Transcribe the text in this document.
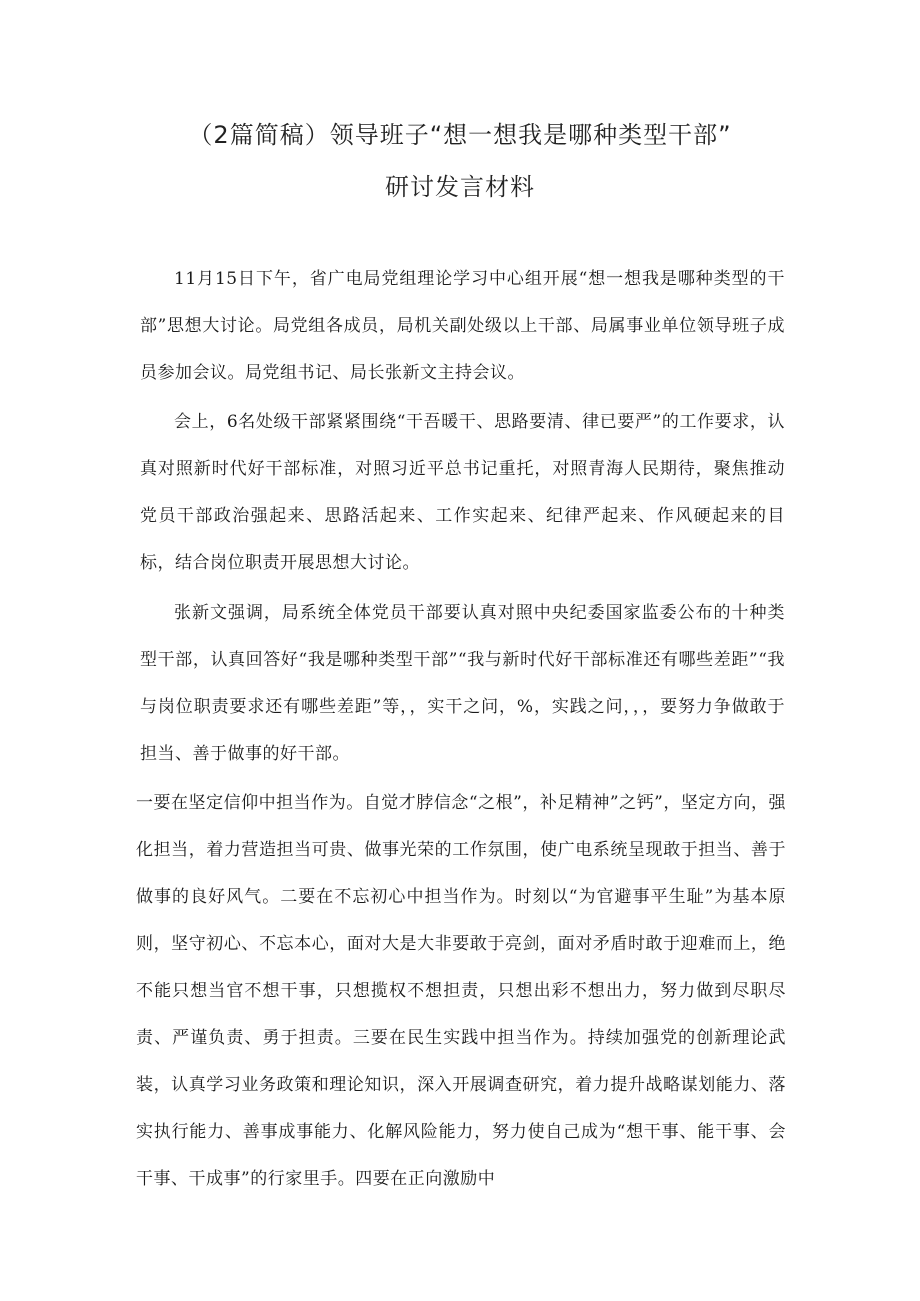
（2篇简稿）领导班子“想一想我是哪种类型干部”
研讨发言材料
11月15日下午，省广电局党组理论学习中心组开展“想一想我是哪种类型的干部”思想大讨论。局党组各成员，局机关副处级以上干部、局属事业单位领导班子成员参加会议。局党组书记、局长张新文主持会议。
会上，6名处级干部紧紧围绕“干吾暖干、思路要清、律已要严”的工作要求，认真对照新时代好干部标准，对照习近平总书记重托，对照青海人民期待，聚焦推动党员干部政治强起来、思路活起来、工作实起来、纪律严起来、作风硬起来的目标，结合岗位职责开展思想大讨论。
张新文强调，局系统全体党员干部要认真对照中央纪委国家监委公布的十种类型干部，认真回答好“我是哪种类型干部”“我与新时代好干部标准还有哪些差距”“我与岗位职责要求还有哪些差距”等，，实干之问，%，实践之问，，，要努力争做敢于担当、善于做事的好干部。
一要在坚定信仰中担当作为。自觉才脖信念“之根”，补足精神”之钙”，坚定方向，强化担当，着力营造担当可贵、做事光荣的工作氛围，使广电系统呈现敢于担当、善于做事的良好风气。二要在不忘初心中担当作为。时刻以“为官避事平生耻”为基本原则，坚守初心、不忘本心，面对大是大非要敢于亮剑，面对矛盾时敢于迎难而上，绝不能只想当官不想干事，只想揽权不想担责，只想出彩不想出力，努力做到尽职尽责、严谨负责、勇于担责。三要在民生实践中担当作为。持续加强党的创新理论武装，认真学习业务政策和理论知识，深入开展调查研究，着力提升战略谋划能力、落实执行能力、善事成事能力、化解风险能力，努力使自己成为“想干事、能干事、会干事、干成事”的行家里手。四要在正向激励中
